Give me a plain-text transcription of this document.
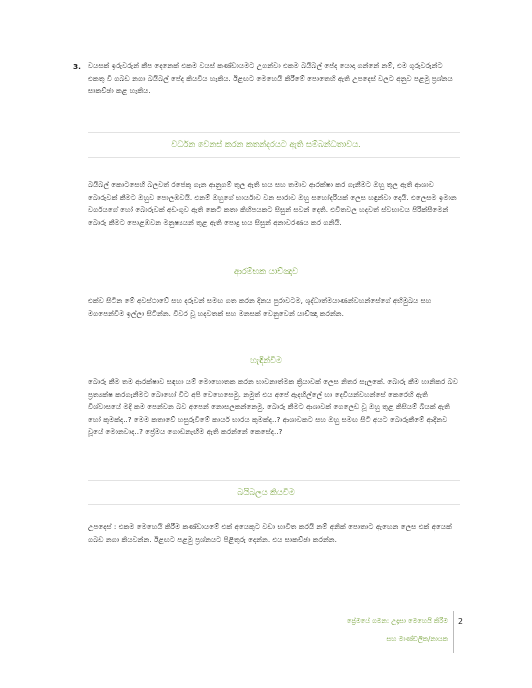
3. වයසක් ඉරුවරුන් කීප දෙනෙක් එකම වයස් කණ්ඩායමට උගන්වා එකම බයිබල් පේද යොදා ගන්නේ නම්, එම ගුරුවරුන්ට එකතු වී ගබඩ නගා බයිබල් පේද කියවිය හැකිය. ඊළඟට මෙහෙයි කිරීමේ පොතෙහි ඇති උපදෙස් වලට අනුව පළමු ප්‍රශ්නය සාකච්ඡා කළ හැකිය.

වර්ධන වෙනස් කරන කතන්දරයට ඇති සම්බන්ධතාවය.

බයිබල් කොටසෙහි බලවත් රජෙකු ගැන ආනුගම් තුල ඇති භය සහ තමාව ආරක්ෂා කර ගැනීමට ඔහු තුල ඇති ආශාව බොරුවක් කීමට ඔහුව පොලඹවයි. එනම් ඔහුගේ භාර්යාව වන සාරාව ඔහු සහෝදරියක් ලෙස හඳුන්වා දෙයි. එලෙසම ඉමාන වර්ගයගේ හෝ බොරුවක් අඩංගුව ඇති කෙටි කතා කිහිපයකට සිසුන් සවන් දෙති. එවිතවල හදවත් ස්වභාවය පිරික්සීමෙන් බොරු කීමට පොළඹවන මනුෂ්‍යයන් තුළ ඇති පොදු භය සිසුන් අනාවරණය කර ගනියි.

ආරම්භක යාච්ඤාව

එක්ව සිටින මේ අවස්ථාවේ සහ දරුවන් සමඟ ගත කරන දිනය පුරාවටම, ශුද්ධාත්මයාණන්වහන්සේගේ අභිමුඛය සහ මගපෙන්වීම ඉල්ලා සිටින්න. විවර වූ හදවතක් සහ මනසක් වෙනුවෙන් යාච්ඤා කරන්න.

හැඳින්වීම

බොරු කීම තම ආරක්ෂාව සඳහා යම් මොහොතක කරන භාවනාත්මක ක්‍රියාවක් ලෙස නිතර සැලකේ. බොරු කීම හානිකර බව ප්‍රත්‍යක්ෂ කරගැනීමට බොහෝ විට අපි වෙහෙසෙමු. නමුත් එය අපේ ඇදහිල්ලේ හා දෙවියන්වහන්සේ කෙරෙහි ඇති විශ්වාසයේ මදි කම පෙන්වන බව අපෙන් නොසලකන්නෙමු. බොරු කීමට ආශාවක් ගෙලෙඩ වූ ඔහු තුළ කිසියම් බියක් ඇති හෝ කුමක්ද..? මෙම කතාවේ හසුරුවීමේ කාර්ය භාරය කුමක්ද..? ආශාවකට සහ ඔහු සමඟ සිටි අයට බොරුකීමේ ආදීනව වූයේ මොනවාද..? ප්‍රේමය ගොඩනැඟීම ඇති කරන්නේ කෙසේද..?

බයිබලය කියවීම

උපදෙස් : එකම මෙහෙයි කිරීම කණ්ඩායමේ එක් අයෙකුට වඩා භාවිත කරයි නම් අනික් පොතාට ඇහෙන ලෙස එක් අයෙක් ගබඩ නගා කියවන්න. ඊළඟට පළමු ප්‍රශ්නයට පිළිතුරු දෙන්න. එය සාකච්ඡා කරන්න.

ප්‍රේමයේ ගමන: උදෑසා මෙහෙයි කිරීම
සහ මාණ්ඩලික/නායක
2
